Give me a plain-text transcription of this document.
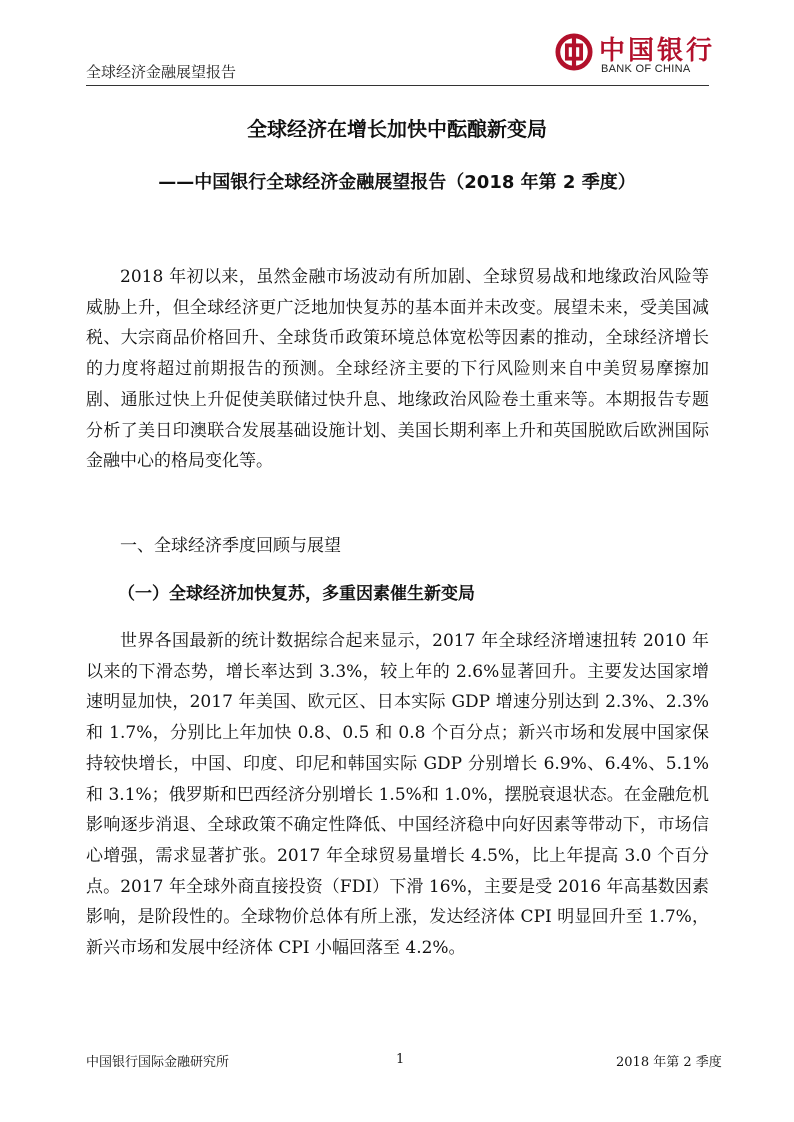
全球经济金融展望报告
中国银行
BANK OF CHINA
全球经济在增长加快中酝酿新变局
——中国银行全球经济金融展望报告（2018 年第 2 季度）

2018 年初以来，虽然金融市场波动有所加剧、全球贸易战和地缘政治风险等威胁上升，但全球经济更广泛地加快复苏的基本面并未改变。展望未来，受美国减税、大宗商品价格回升、全球货币政策环境总体宽松等因素的推动，全球经济增长的力度将超过前期报告的预测。全球经济主要的下行风险则来自中美贸易摩擦加剧、通胀过快上升促使美联储过快升息、地缘政治风险卷土重来等。本期报告专题分析了美日印澳联合发展基础设施计划、美国长期利率上升和英国脱欧后欧洲国际金融中心的格局变化等。

一、全球经济季度回顾与展望
（一）全球经济加快复苏，多重因素催生新变局

世界各国最新的统计数据综合起来显示，2017 年全球经济增速扭转 2010 年以来的下滑态势，增长率达到 3.3%，较上年的 2.6%显著回升。主要发达国家增速明显加快，2017 年美国、欧元区、日本实际 GDP 增速分别达到 2.3%、2.3%和 1.7%，分别比上年加快 0.8、0.5 和 0.8 个百分点；新兴市场和发展中国家保持较快增长，中国、印度、印尼和韩国实际 GDP 分别增长 6.9%、6.4%、5.1%和 3.1%；俄罗斯和巴西经济分别增长 1.5%和 1.0%，摆脱衰退状态。在金融危机影响逐步消退、全球政策不确定性降低、中国经济稳中向好因素等带动下，市场信心增强，需求显著扩张。2017 年全球贸易量增长 4.5%，比上年提高 3.0 个百分点。2017 年全球外商直接投资（FDI）下滑 16%，主要是受 2016 年高基数因素影响，是阶段性的。全球物价总体有所上涨，发达经济体 CPI 明显回升至 1.7%，新兴市场和发展中经济体 CPI 小幅回落至 4.2%。

中国银行国际金融研究所	1	2018 年第 2 季度
